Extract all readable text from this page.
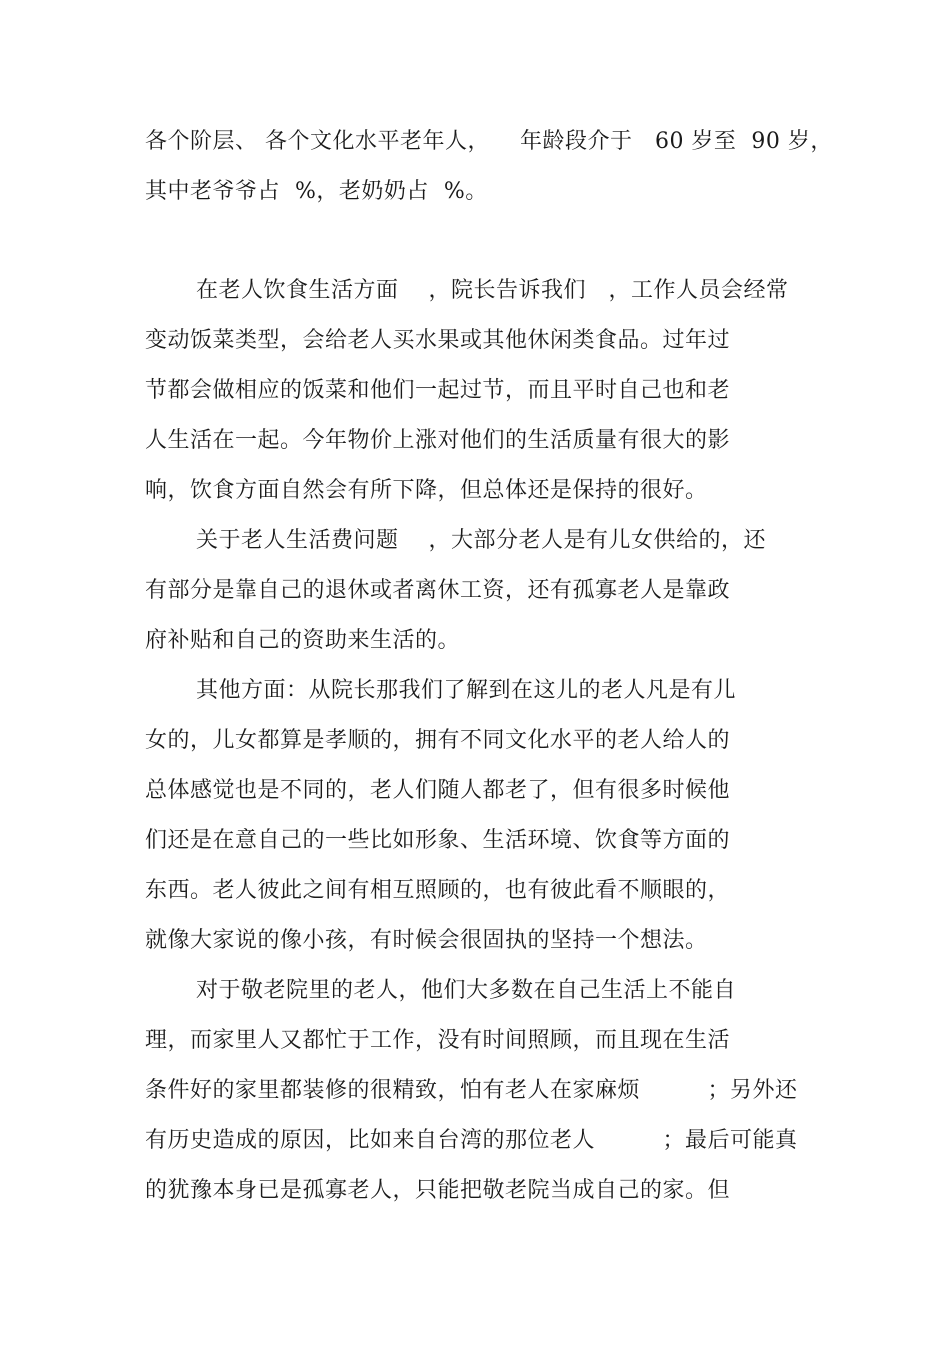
各个阶层、 各个文化水平老年人，    年龄段介于   60 岁至  90 岁，
其中老爷爷占  %，老奶奶占  %。
在老人饮食生活方面    ，院长告诉我们   ，工作人员会经常
变动饭菜类型，会给老人买水果或其他休闲类食品。过年过
节都会做相应的饭菜和他们一起过节，而且平时自己也和老
人生活在一起。今年物价上涨对他们的生活质量有很大的影
响，饮食方面自然会有所下降，但总体还是保持的很好。
关于老人生活费问题    ，大部分老人是有儿女供给的，还
有部分是靠自己的退休或者离休工资，还有孤寡老人是靠政
府补贴和自己的资助来生活的。
其他方面：从院长那我们了解到在这儿的老人凡是有儿
女的，儿女都算是孝顺的，拥有不同文化水平的老人给人的
总体感觉也是不同的，老人们随人都老了，但有很多时候他
们还是在意自己的一些比如形象、生活环境、饮食等方面的
东西。老人彼此之间有相互照顾的，也有彼此看不顺眼的，
就像大家说的像小孩，有时候会很固执的坚持一个想法。
对于敬老院里的老人，他们大多数在自己生活上不能自
理，而家里人又都忙于工作，没有时间照顾，而且现在生活
条件好的家里都装修的很精致，怕有老人在家麻烦         ；另外还
有历史造成的原因，比如来自台湾的那位老人         ；最后可能真
的犹豫本身已是孤寡老人，只能把敬老院当成自己的家。但
